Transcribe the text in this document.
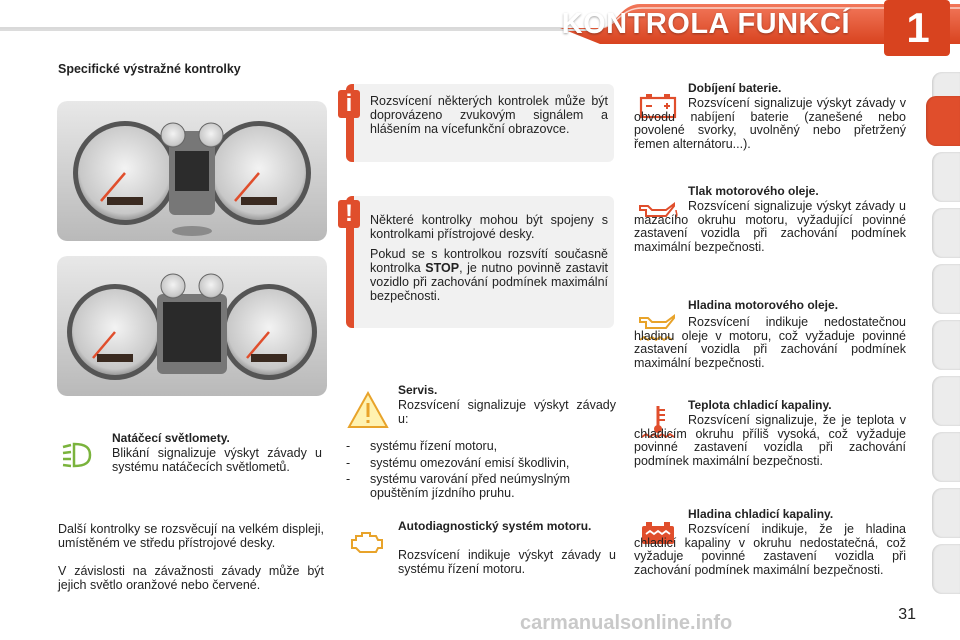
KONTROLA FUNKCÍ	1
Specifické výstražné kontrolky
i	Rozsvícení některých kontrolek může být doprovázeno zvukovým signálem a hlášením na vícefunkční obrazovce.
!	Některé kontrolky mohou být spojeny s kontrolkami přístrojové desky.

Pokud se s kontrolkou rozsvítí současně kontrolka STOP, je nutno povinně zastavit vozidlo při zachování podmínek maximální bezpečnosti.

Natáčecí světlomety.
Blikání signalizuje výskyt závady u systému natáčecích světlometů.
Další kontrolky se rozsvěcují na velkém displeji, umístěném ve středu přístrojové desky.
V závislosti na závažnosti závady může být jejich světlo oranžové nebo červené.
Servis.
Rozsvícení signalizuje výskyt závady u:
- systému řízení motoru,
- systému omezování emisí škodlivin,
- systému varování před neúmyslným opuštěním jízdního pruhu.
Autodiagnostický systém motoru.
Rozsvícení indikuje výskyt závady u systému řízení motoru.
Dobíjení baterie.
Rozsvícení signalizuje výskyt závady v obvodu nabíjení baterie (zanešené nebo povolené svorky, uvolněný nebo přetržený řemen alternátoru...).
Tlak motorového oleje.
Rozsvícení signalizuje výskyt závady u mazacího okruhu motoru, vyžadující povinné zastavení vozidla při zachování podmínek maximální bezpečnosti.
Hladina motorového oleje.
Rozsvícení indikuje nedostatečnou hladinu oleje v motoru, což vyžaduje povinné zastavení vozidla při zachování podmínek maximální bezpečnosti.
Teplota chladicí kapaliny.
Rozsvícení signalizuje, že je teplota v chladicím okruhu příliš vysoká, což vyžaduje povinné zastavení vozidla při zachování podmínek maximální bezpečnosti.
Hladina chladicí kapaliny.
Rozsvícení indikuje, že je hladina chladicí kapaliny v okruhu nedostatečná, což vyžaduje povinné zastavení vozidla při zachování podmínek maximální bezpečnosti.
carmanualsonline.info	31
